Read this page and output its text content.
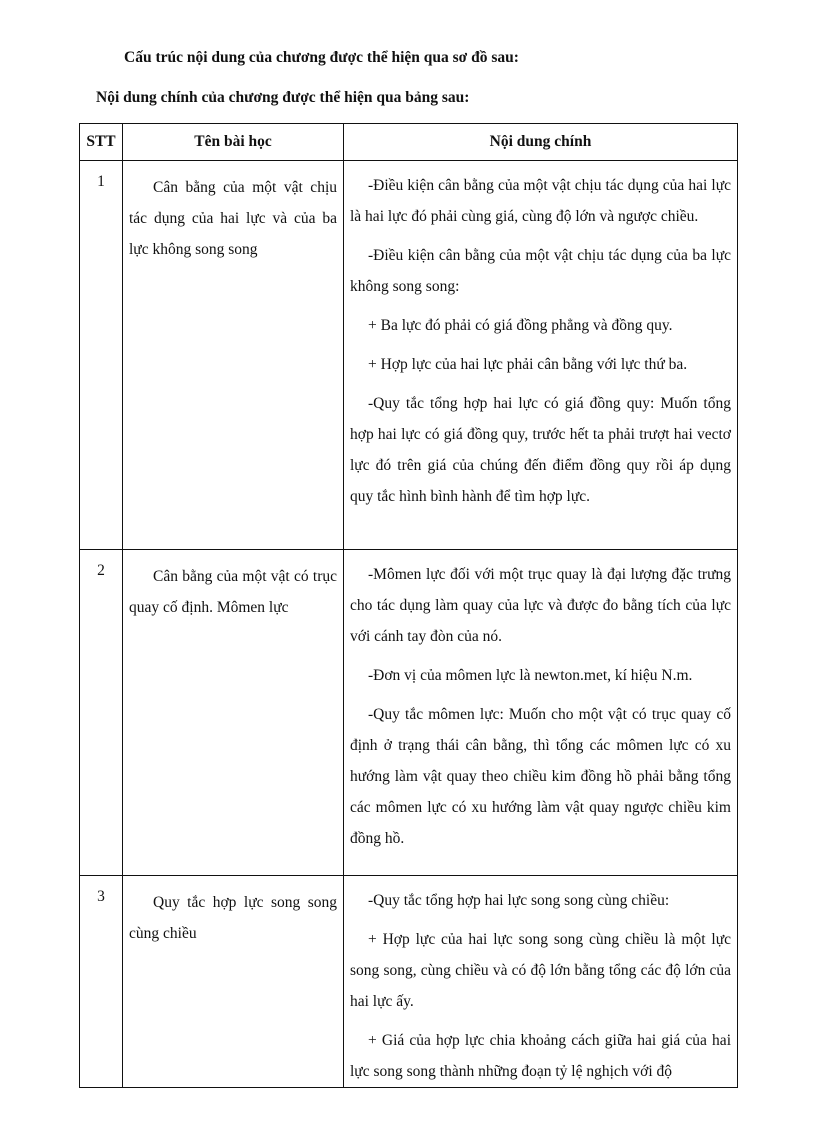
Cấu trúc nội dung của chương được thể hiện qua sơ đồ sau:
Nội dung chính của chương được thể hiện qua bảng sau:
STT	Tên bài học	Nội dung chính
1	Cân bằng của một vật chịu tác dụng của hai lực và của ba lực không song song	-Điều kiện cân bằng của một vật chịu tác dụng của hai lực là hai lực đó phải cùng giá, cùng độ lớn và ngược chiều.

-Điều kiện cân bằng của một vật chịu tác dụng của ba lực không song song:

+ Ba lực đó phải có giá đồng phẳng và đồng quy.

+ Hợp lực của hai lực phải cân bằng với lực thứ ba.

-Quy tắc tổng hợp hai lực có giá đồng quy: Muốn tổng hợp hai lực có giá đồng quy, trước hết ta phải trượt hai vectơ lực đó trên giá của chúng đến điểm đồng quy rồi áp dụng quy tắc hình bình hành để tìm hợp lực.

2	Cân bằng của một vật có trục quay cố định. Mômen lực	-Mômen lực đối với một trục quay là đại lượng đặc trưng cho tác dụng làm quay của lực và được đo bằng tích của lực với cánh tay đòn của nó.

-Đơn vị của mômen lực là newton.met, kí hiệu N.m.

-Quy tắc mômen lực: Muốn cho một vật có trục quay cố định ở trạng thái cân bằng, thì tổng các mômen lực có xu hướng làm vật quay theo chiều kim đồng hồ phải bằng tổng các mômen lực có xu hướng làm vật quay ngược chiều kim đồng hồ.

3	Quy tắc hợp lực song song cùng chiều	-Quy tắc tổng hợp hai lực song song cùng chiều:

+ Hợp lực của hai lực song song cùng chiều là một lực song song, cùng chiều và có độ lớn bằng tổng các độ lớn của hai lực ấy.

+ Giá của hợp lực chia khoảng cách giữa hai giá của hai lực song song thành những đoạn tỷ lệ nghịch với độ
